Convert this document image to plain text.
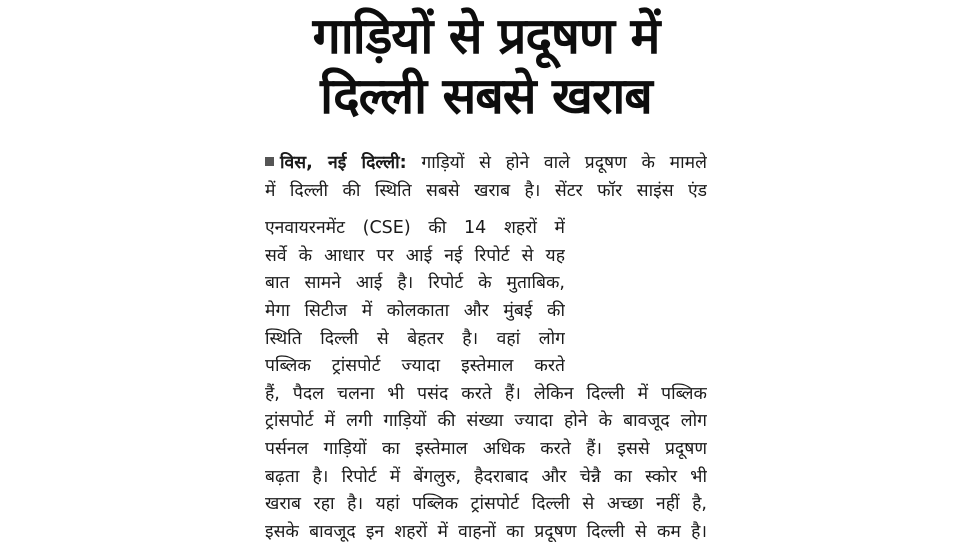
गाड़ियों से प्रदूषण में
दिल्ली सबसे खराब
विस, नई दिल्ली: गाड़ियों से होने वाले प्रदूषण के मामले
में दिल्ली की स्थिति सबसे खराब है। सेंटर फॉर साइंस एंड
एनवायरनमेंट (CSE) की 14 शहरों में
सर्वे के आधार पर आई नई रिपोर्ट से यह
बात सामने आई है। रिपोर्ट के मुताबिक,
मेगा सिटीज में कोलकाता और मुंबई की
स्थिति दिल्ली से बेहतर है। वहां लोग
पब्लिक ट्रांसपोर्ट ज्यादा इस्तेमाल करते
हैं, पैदल चलना भी पसंद करते हैं। लेकिन दिल्ली में पब्लिक
ट्रांसपोर्ट में लगी गाड़ियों की संख्या ज्यादा होने के बावजूद लोग
पर्सनल गाड़ियों का इस्तेमाल अधिक करते हैं। इससे प्रदूषण
बढ़ता है। रिपोर्ट में बेंगलुरु, हैदराबाद और चेन्नै का स्कोर भी
खराब रहा है। यहां पब्लिक ट्रांसपोर्ट दिल्ली से अच्छा नहीं है,
इसके बावजूद इन शहरों में वाहनों का प्रदूषण दिल्ली से कम है।
